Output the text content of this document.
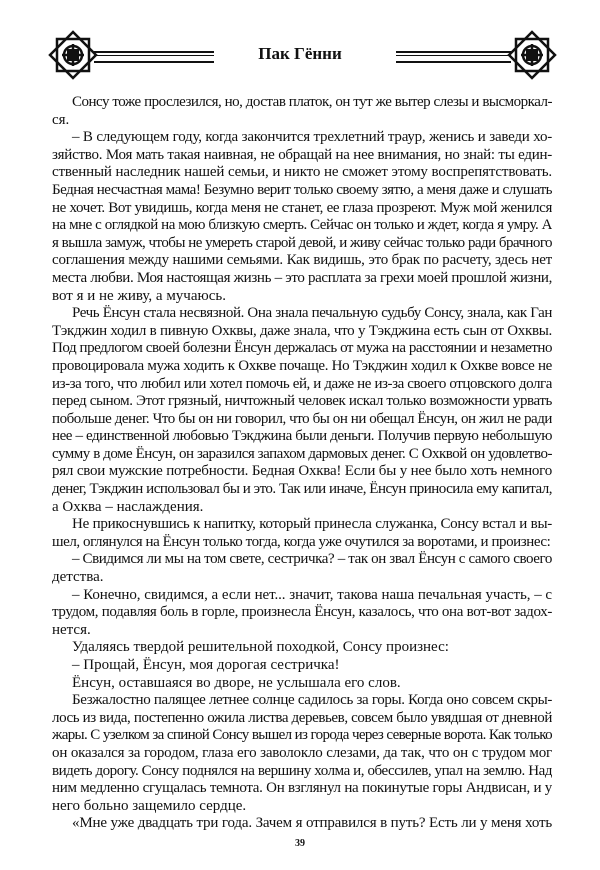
Пак Гённи
Сонсу тоже прослезился, но, достав платок, он тут же вытер слезы и высморкал-
ся.
– В следующем году, когда закончится трехлетний траур, женись и заведи хо-
зяйство. Моя мать такая наивная, не обращай на нее внимания, но знай: ты един-
ственный наследник нашей семьи, и никто не сможет этому воспрепятствовать.
Бедная несчастная мама! Безумно верит только своему зятю, а меня даже и слушать
не хочет. Вот увидишь, когда меня не станет, ее глаза прозреют. Муж мой женился
на мне с оглядкой на мою близкую смерть. Сейчас он только и ждет, когда я умру. А
я вышла замуж, чтобы не умереть старой девой, и живу сейчас только ради брачного
соглашения между нашими семьями. Как видишь, это брак по расчету, здесь нет
места любви. Моя настоящая жизнь – это расплата за грехи моей прошлой жизни,
вот я и не живу, а мучаюсь.
Речь Ёнсун стала несвязной. Она знала печальную судьбу Сонсу, знала, как Ган
Тэкджин ходил в пивную Охквы, даже знала, что у Тэкджина есть сын от Охквы.
Под предлогом своей болезни Ёнсун держалась от мужа на расстоянии и незаметно
провоцировала мужа ходить к Охкве почаще. Но Тэкджин ходил к Охкве вовсе не
из-за того, что любил или хотел помочь ей, и даже не из-за своего отцовского долга
перед сыном. Этот грязный, ничтожный человек искал только возможности урвать
побольше денег. Что бы он ни говорил, что бы он ни обещал Ёнсун, он жил не ради
нее – единственной любовью Тэкджина были деньги. Получив первую небольшую
сумму в доме Ёнсун, он заразился запахом дармовых денег. С Охквой он удовлетво-
рял свои мужские потребности. Бедная Охква! Если бы у нее было хоть немного
денег, Тэкджин использовал бы и это. Так или иначе, Ёнсун приносила ему капитал,
а Охква – наслаждения.
Не прикоснувшись к напитку, который принесла служанка, Сонсу встал и вы-
шел, оглянулся на Ёнсун только тогда, когда уже очутился за воротами, и произнес:
– Свидимся ли мы на том свете, сестричка? – так он звал Ёнсун с самого своего
детства.
– Конечно, свидимся, а если нет... значит, такова наша печальная участь, – с
трудом, подавляя боль в горле, произнесла Ёнсун, казалось, что она вот-вот задох-
нется.
Удаляясь твердой решительной походкой, Сонсу произнес:
– Прощай, Ёнсун, моя дорогая сестричка!
Ёнсун, оставшаяся во дворе, не услышала его слов.
Безжалостно палящее летнее солнце садилось за горы. Когда оно совсем скры-
лось из вида, постепенно ожила листва деревьев, совсем было увядшая от дневной
жары. С узелком за спиной Сонсу вышел из города через северные ворота. Как только
он оказался за городом, глаза его заволокло слезами, да так, что он с трудом мог
видеть дорогу. Сонсу поднялся на вершину холма и, обессилев, упал на землю. Над
ним медленно сгущалась темнота. Он взглянул на покинутые горы Андвисан, и у
него больно защемило сердце.
«Мне уже двадцать три года. Зачем я отправился в путь? Есть ли у меня хоть
39
